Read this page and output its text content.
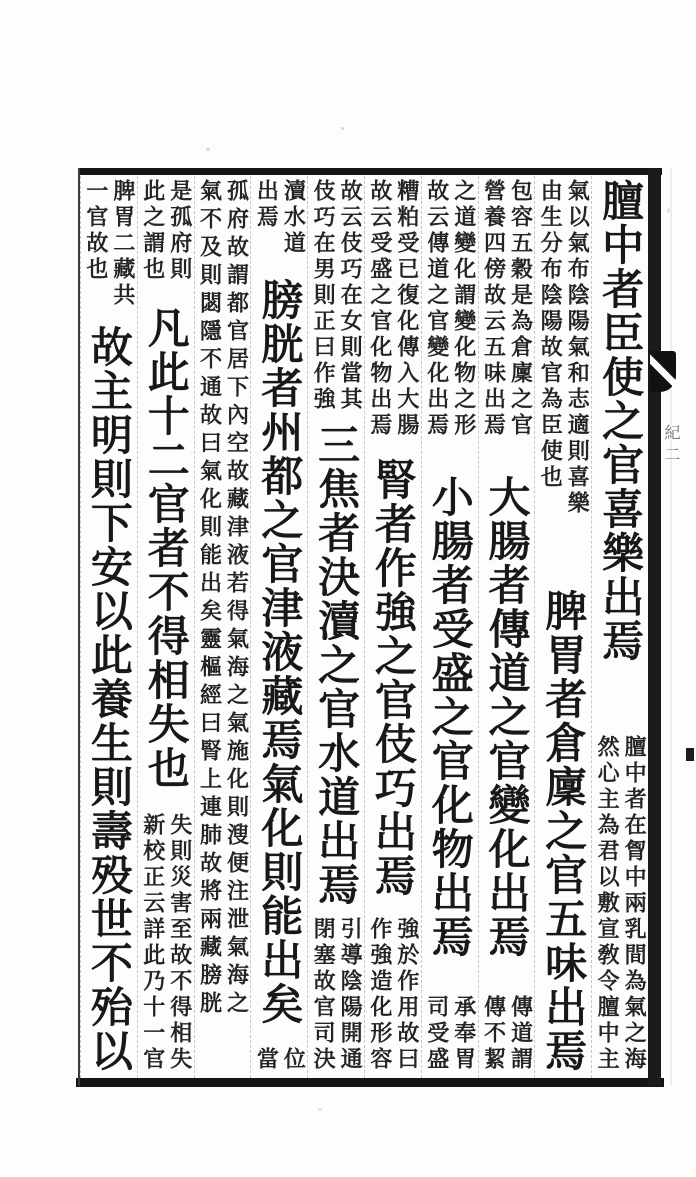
紀二
膻中者臣使之官喜樂出焉
膻中者在胷中兩乳間為氣之海
然心主為君以敷宣敎令膻中主
氣以氣布陰陽氣和志適則喜樂
由生分布陰陽故官為臣使也
脾胃者倉廩之官五味出焉
包容五穀是為倉廩之官
營養四傍故云五味出焉
大腸者傳道之官變化出焉
傳道謂
傳不絜
之道變化謂變化物之形
故云傳道之官變化出焉
小腸者受盛之官化物出焉
承奉胃
司受盛
糟粕受已復化傳入大腸
故云受盛之官化物出焉
腎者作強之官伎巧出焉
強於作用故曰
作強造化形容
故云伎巧在女則當其
伎巧在男則正曰作強
三焦者決瀆之官水道出焉
引導陰陽開通
閉塞故官司決
瀆水道
出焉
膀胱者州都之官津液藏焉氣化則能出矣
位
當
孤府故謂都官居下內空故藏津液若得氣海之氣施化則溲便注泄氣海之
氣不及則閟隱不通故曰氣化則能出矣靈樞經曰腎上連肺故將兩藏膀胱
是孤府則
此之謂也
凡此十二官者不得相失也
失則災害至故不得相失
新校正云詳此乃十一官
脾胃二藏共
一官故也
故主明則下安以此養生則壽殁世不殆以
